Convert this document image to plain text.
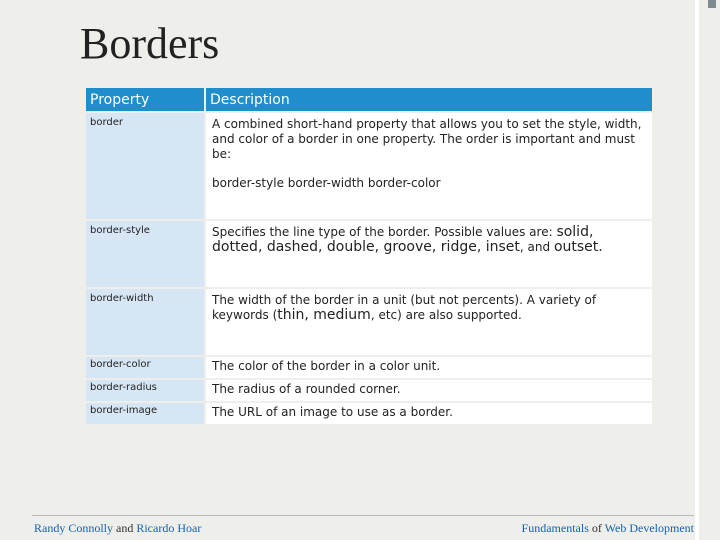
Borders
Property	Description
border	A combined short-hand property that allows you to set the style, width, and color of a border in one property. The order is important and must be:
border-style border-width border-color

border-style	Specifies the line type of the border. Possible values are: solid, dotted, dashed, double, groove, ridge, inset, and outset.
border-width	The width of the border in a unit (but not percents). A variety of keywords (thin, medium, etc) are also supported.
border-color	The color of the border in a color unit.
border-radius	The radius of a rounded corner.
border-image	The URL of an image to use as a border.
Randy Connolly and Ricardo Hoar	Fundamentals of Web Development
